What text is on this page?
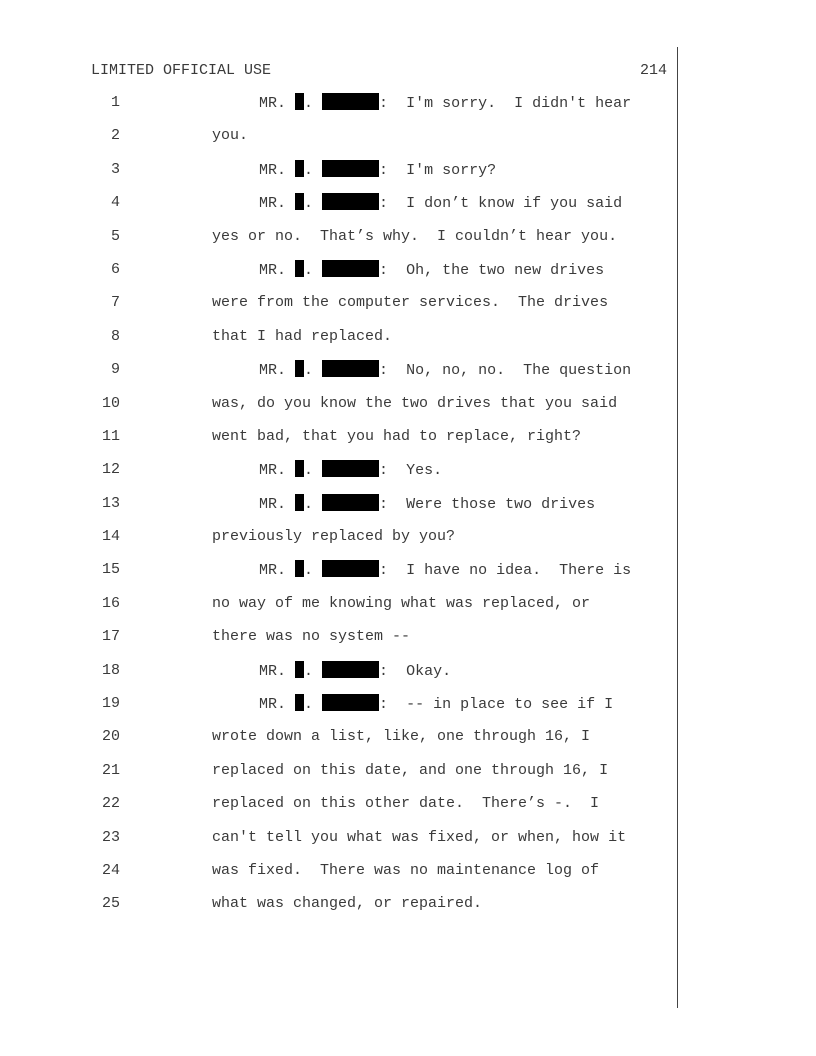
LIMITED OFFICIAL USE	214
1	MR. .	:  I'm sorry.  I didn't hear
2	you.
3	MR. .	:  I'm sorry?
4	MR. .	:  I don’t know if you said
5	yes or no.  That’s why.  I couldn’t hear you.
6	MR. .	:  Oh, the two new drives
7	were from the computer services.  The drives
8	that I had replaced.
9	MR. .	:  No, no, no.  The question
10	was, do you know the two drives that you said
11	went bad, that you had to replace, right?
12	MR. .	:  Yes.
13	MR. .	:  Were those two drives
14	previously replaced by you?
15	MR. .	:  I have no idea.  There is
16	no way of me knowing what was replaced, or
17	there was no system --
18	MR. .	:  Okay.
19	MR. .	:  -- in place to see if I
20	wrote down a list, like, one through 16, I
21	replaced on this date, and one through 16, I
22	replaced on this other date.  There’s -.  I
23	can't tell you what was fixed, or when, how it
24	was fixed.  There was no maintenance log of
25	what was changed, or repaired.
